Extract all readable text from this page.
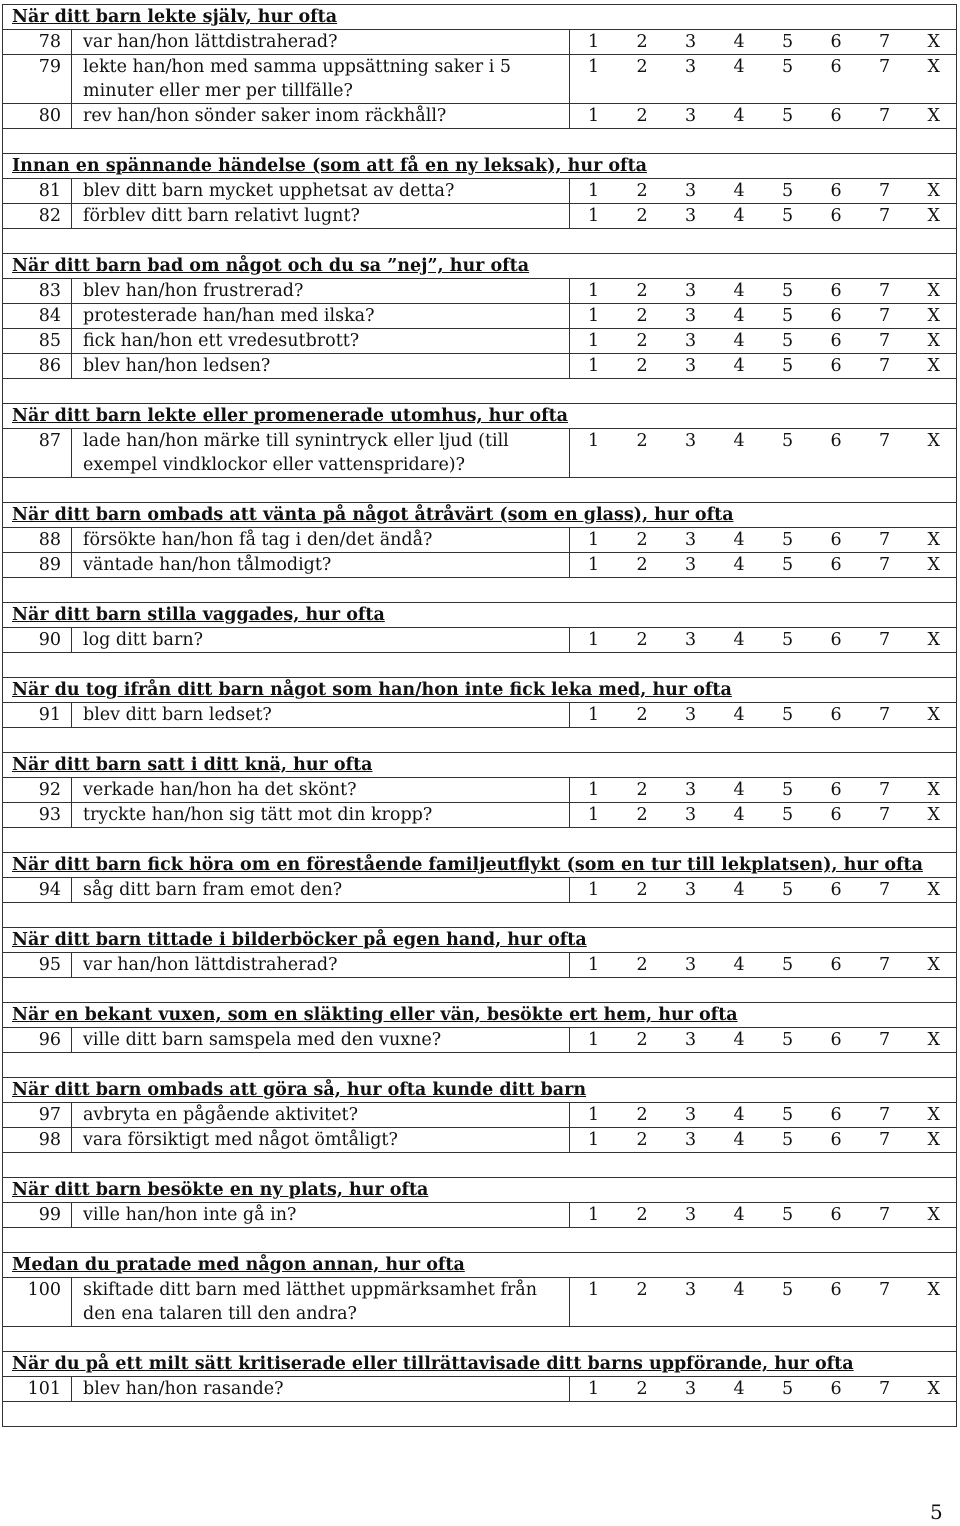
När ditt barn lekte själv, hur ofta		
78	var han/hon lättdistraherad?	1 2 3 4 5 6 7 X
79	lekte han/hon med samma uppsättning saker i 5 minuter eller mer per tillfälle?	1 2 3 4 5 6 7 X
80	rev han/hon sönder saker inom räckhåll?	1 2 3 4 5 6 7 X

Innan en spännande händelse (som att få en ny leksak), hur ofta		
81	blev ditt barn mycket upphetsat av detta?	1 2 3 4 5 6 7 X
82	förblev ditt barn relativt lugnt?	1 2 3 4 5 6 7 X

När ditt barn bad om något och du sa ”nej”, hur ofta		
83	blev han/hon frustrerad?	1 2 3 4 5 6 7 X
84	protesterade han/han med ilska?	1 2 3 4 5 6 7 X
85	fick han/hon ett vredesutbrott?	1 2 3 4 5 6 7 X
86	blev han/hon ledsen?	1 2 3 4 5 6 7 X

När ditt barn lekte eller promenerade utomhus, hur ofta		
87	lade han/hon märke till synintryck eller ljud (till exempel vindklockor eller vattenspridare)?	1 2 3 4 5 6 7 X

När ditt barn ombads att vänta på något åtråvärt (som en glass), hur ofta		
88	försökte han/hon få tag i den/det ändå?	1 2 3 4 5 6 7 X
89	väntade han/hon tålmodigt?	1 2 3 4 5 6 7 X

När ditt barn stilla vaggades, hur ofta		
90	log ditt barn?	1 2 3 4 5 6 7 X

När du tog ifrån ditt barn något som han/hon inte fick leka med, hur ofta		
91	blev ditt barn ledset?	1 2 3 4 5 6 7 X

När ditt barn satt i ditt knä, hur ofta		
92	verkade han/hon ha det skönt?	1 2 3 4 5 6 7 X
93	tryckte han/hon sig tätt mot din kropp?	1 2 3 4 5 6 7 X

När ditt barn fick höra om en förestående familjeutflykt (som en tur till lekplatsen), hur ofta		
94	såg ditt barn fram emot den?	1 2 3 4 5 6 7 X

När ditt barn tittade i bilderböcker på egen hand, hur ofta		
95	var han/hon lättdistraherad?	1 2 3 4 5 6 7 X

När en bekant vuxen, som en släkting eller vän, besökte ert hem, hur ofta		
96	ville ditt barn samspela med den vuxne?	1 2 3 4 5 6 7 X

När ditt barn ombads att göra så, hur ofta kunde ditt barn		
97	avbryta en pågående aktivitet?	1 2 3 4 5 6 7 X
98	vara försiktigt med något ömtåligt?	1 2 3 4 5 6 7 X

När ditt barn besökte en ny plats, hur ofta		
99	ville han/hon inte gå in?	1 2 3 4 5 6 7 X

Medan du pratade med någon annan, hur ofta		
100	skiftade ditt barn med lätthet uppmärksamhet från den ena talaren till den andra?	1 2 3 4 5 6 7 X

När du på ett milt sätt kritiserade eller tillrättavisade ditt barns uppförande, hur ofta		
101	blev han/hon rasande?	1 2 3 4 5 6 7 X

5
